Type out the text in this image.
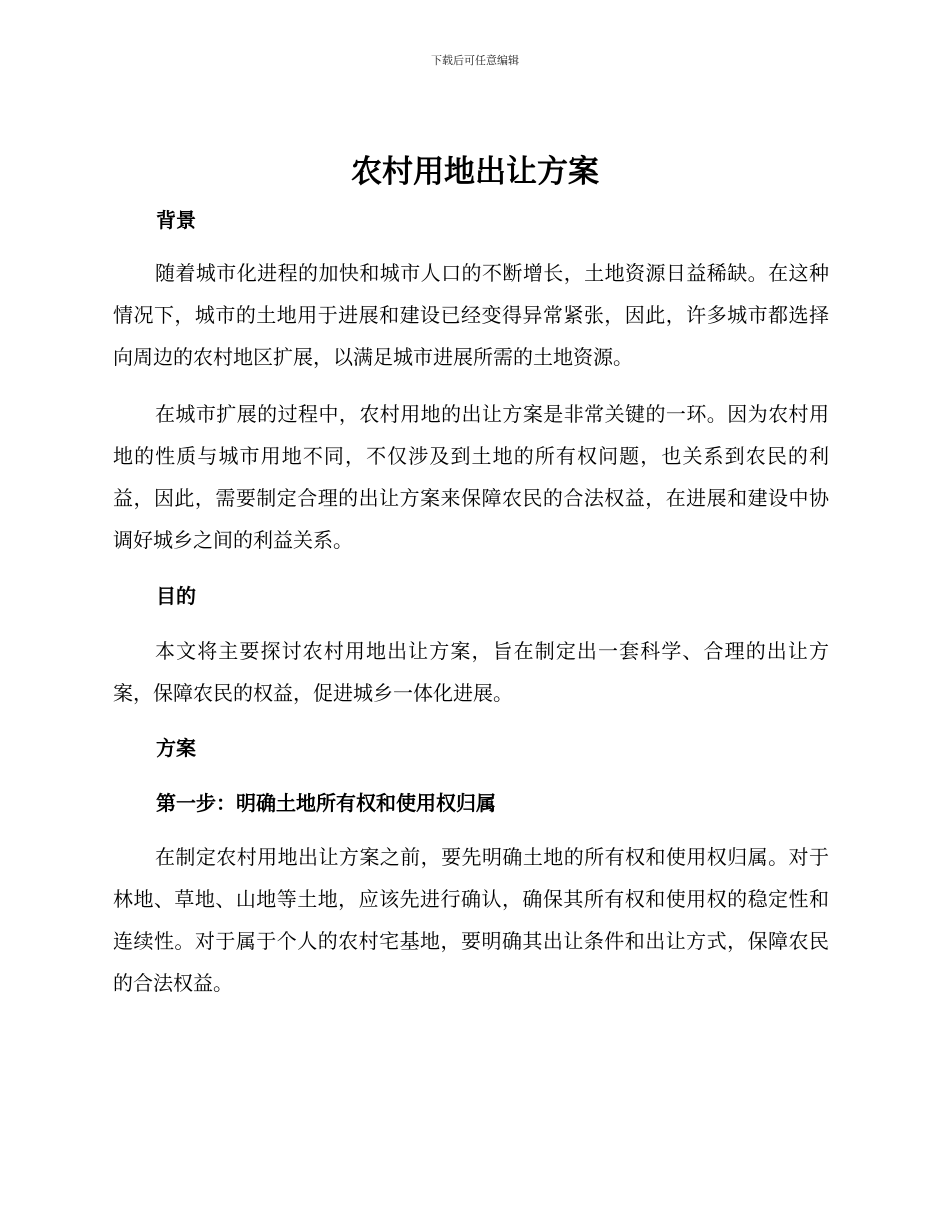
下载后可任意编辑
农村用地出让方案
背景

随着城市化进程的加快和城市人口的不断增长，土地资源日益稀缺。在这种情况下，城市的土地用于进展和建设已经变得异常紧张，因此，许多城市都选择向周边的农村地区扩展，以满足城市进展所需的土地资源。

在城市扩展的过程中，农村用地的出让方案是非常关键的一环。因为农村用地的性质与城市用地不同，不仅涉及到土地的所有权问题，也关系到农民的利益，因此，需要制定合理的出让方案来保障农民的合法权益，在进展和建设中协调好城乡之间的利益关系。

目的

本文将主要探讨农村用地出让方案，旨在制定出一套科学、合理的出让方案，保障农民的权益，促进城乡一体化进展。

方案
第一步：明确土地所有权和使用权归属

在制定农村用地出让方案之前，要先明确土地的所有权和使用权归属。对于林地、草地、山地等土地，应该先进行确认，确保其所有权和使用权的稳定性和连续性。对于属于个人的农村宅基地，要明确其出让条件和出让方式，保障农民的合法权益。
